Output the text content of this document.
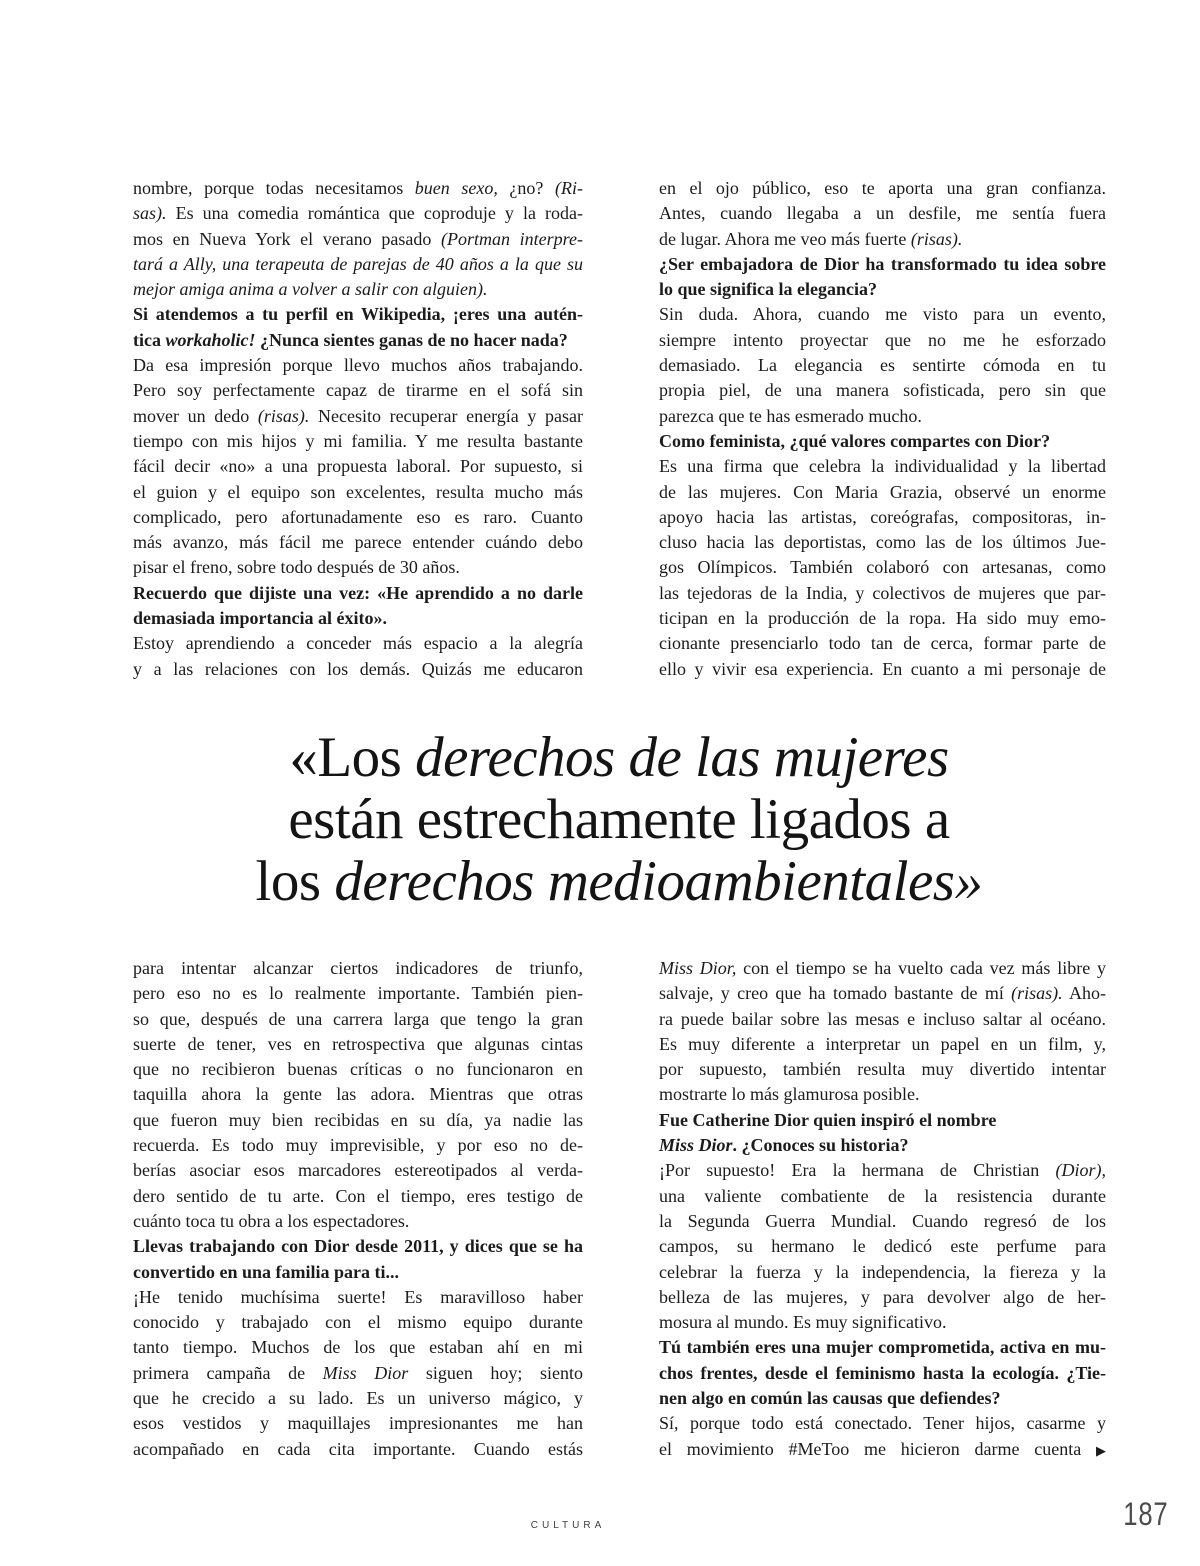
nombre, porque todas necesitamos buen sexo, ¿no? (Ri-
sas). Es una comedia romántica que coproduje y la roda-
mos en Nueva York el verano pasado (Portman interpre-
tará a Ally, una terapeuta de parejas de 40 años a la que su
mejor amiga anima a volver a salir con alguien).
Si atendemos a tu perfil en Wikipedia, ¡eres una autén-
tica workaholic! ¿Nunca sientes ganas de no hacer nada?
Da esa impresión porque llevo muchos años trabajando.
Pero soy perfectamente capaz de tirarme en el sofá sin
mover un dedo (risas). Necesito recuperar energía y pasar
tiempo con mis hijos y mi familia. Y me resulta bastante
fácil decir «no» a una propuesta laboral. Por supuesto, si
el guion y el equipo son excelentes, resulta mucho más
complicado, pero afortunadamente eso es raro. Cuanto
más avanzo, más fácil me parece entender cuándo debo
pisar el freno, sobre todo después de 30 años.
Recuerdo que dijiste una vez: «He aprendido a no darle
demasiada importancia al éxito».
Estoy aprendiendo a conceder más espacio a la alegría
y a las relaciones con los demás. Quizás me educaron
en el ojo público, eso te aporta una gran confianza.
Antes, cuando llegaba a un desfile, me sentía fuera
de lugar. Ahora me veo más fuerte (risas).
¿Ser embajadora de Dior ha transformado tu idea sobre
lo que significa la elegancia?
Sin duda. Ahora, cuando me visto para un evento,
siempre intento proyectar que no me he esforzado
demasiado. La elegancia es sentirte cómoda en tu
propia piel, de una manera sofisticada, pero sin que
parezca que te has esmerado mucho.
Como feminista, ¿qué valores compartes con Dior?
Es una firma que celebra la individualidad y la libertad
de las mujeres. Con Maria Grazia, observé un enorme
apoyo hacia las artistas, coreógrafas, compositoras, in-
cluso hacia las deportistas, como las de los últimos Jue-
gos Olímpicos. También colaboró con artesanas, como
las tejedoras de la India, y colectivos de mujeres que par-
ticipan en la producción de la ropa. Ha sido muy emo-
cionante presenciarlo todo tan de cerca, formar parte de
ello y vivir esa experiencia. En cuanto a mi personaje de
«Los derechos de las mujeres
están estrechamente ligados a
los derechos medioambientales»
para intentar alcanzar ciertos indicadores de triunfo,
pero eso no es lo realmente importante. También pien-
so que, después de una carrera larga que tengo la gran
suerte de tener, ves en retrospectiva que algunas cintas
que no recibieron buenas críticas o no funcionaron en
taquilla ahora la gente las adora. Mientras que otras
que fueron muy bien recibidas en su día, ya nadie las
recuerda. Es todo muy imprevisible, y por eso no de-
berías asociar esos marcadores estereotipados al verda-
dero sentido de tu arte. Con el tiempo, eres testigo de
cuánto toca tu obra a los espectadores.
Llevas trabajando con Dior desde 2011, y dices que se ha
convertido en una familia para ti...
¡He tenido muchísima suerte! Es maravilloso haber
conocido y trabajado con el mismo equipo durante
tanto tiempo. Muchos de los que estaban ahí en mi
primera campaña de Miss Dior siguen hoy; siento
que he crecido a su lado. Es un universo mágico, y
esos vestidos y maquillajes impresionantes me han
acompañado en cada cita importante. Cuando estás
Miss Dior, con el tiempo se ha vuelto cada vez más libre y
salvaje, y creo que ha tomado bastante de mí (risas). Aho-
ra puede bailar sobre las mesas e incluso saltar al océano.
Es muy diferente a interpretar un papel en un film, y,
por supuesto, también resulta muy divertido intentar
mostrarte lo más glamurosa posible.
Fue Catherine Dior quien inspiró el nombre
Miss Dior. ¿Conoces su historia?
¡Por supuesto! Era la hermana de Christian (Dior),
una valiente combatiente de la resistencia durante
la Segunda Guerra Mundial. Cuando regresó de los
campos, su hermano le dedicó este perfume para
celebrar la fuerza y la independencia, la fiereza y la
belleza de las mujeres, y para devolver algo de her-
mosura al mundo. Es muy significativo.
Tú también eres una mujer comprometida, activa en mu-
chos frentes, desde el feminismo hasta la ecología. ¿Tie-
nen algo en común las causas que defiendes?
Sí, porque todo está conectado. Tener hijos, casarme y
el movimiento #MeToo me hicieron darme cuenta ▶
CULTURA	187
